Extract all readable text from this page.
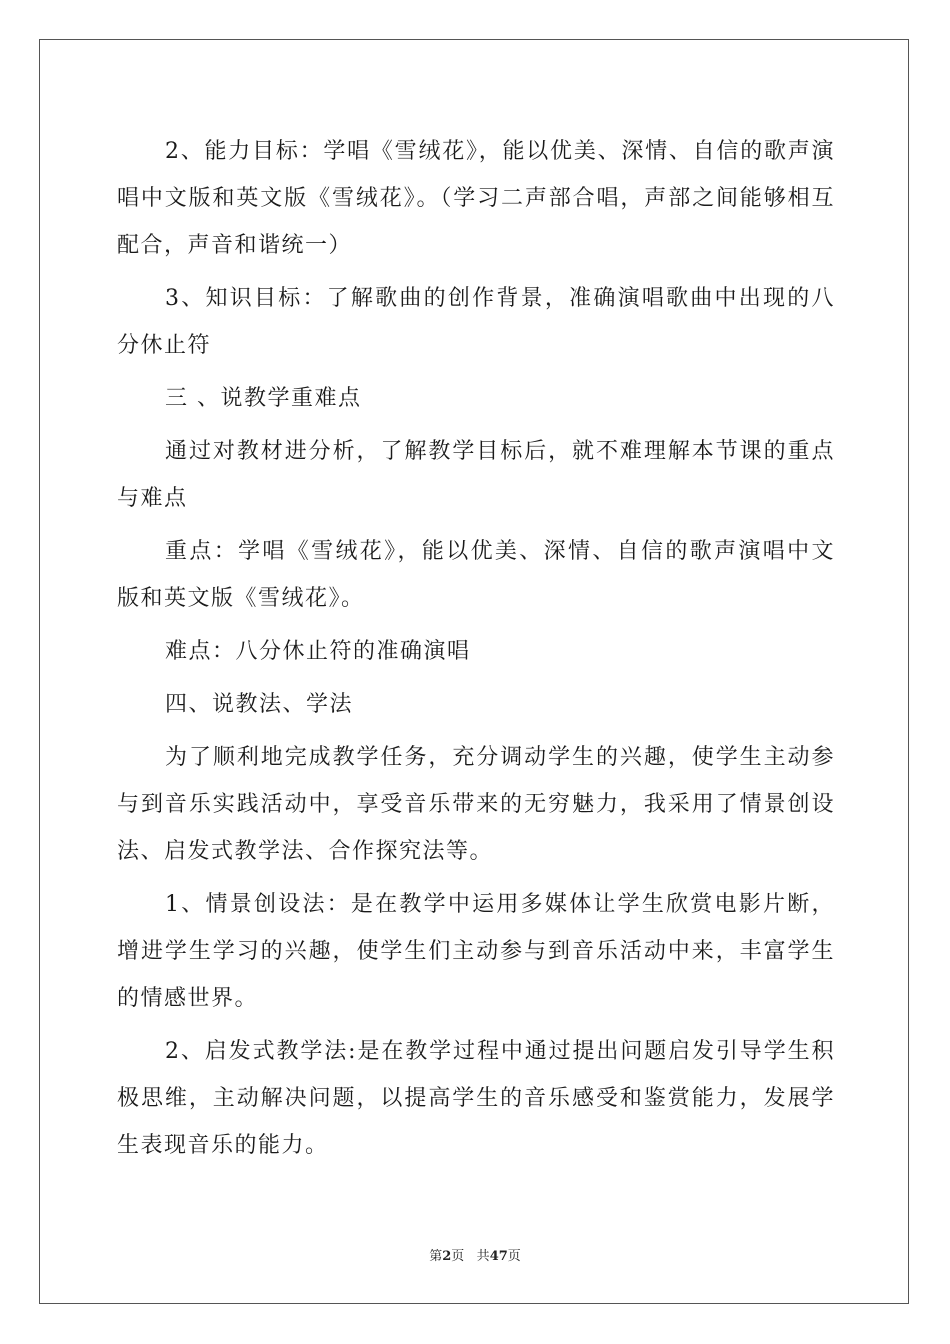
2、能力目标：学唱《雪绒花》，能以优美、深情、自信的歌声演唱中文版和英文版《雪绒花》。（学习二声部合唱，声部之间能够相互配合，声音和谐统一）

3、知识目标：了解歌曲的创作背景，准确演唱歌曲中出现的八分休止符

三 、说教学重难点

通过对教材进分析，了解教学目标后，就不难理解本节课的重点与难点

重点：学唱《雪绒花》，能以优美、深情、自信的歌声演唱中文版和英文版《雪绒花》。

难点：八分休止符的准确演唱

四、说教法、学法

为了顺利地完成教学任务，充分调动学生的兴趣，使学生主动参与到音乐实践活动中，享受音乐带来的无穷魅力，我采用了情景创设法、启发式教学法、合作探究法等。

1、情景创设法：是在教学中运用多媒体让学生欣赏电影片断，增进学生学习的兴趣，使学生们主动参与到音乐活动中来，丰富学生的情感世界。

2、启发式教学法:是在教学过程中通过提出问题启发引导学生积极思维，主动解决问题，以提高学生的音乐感受和鉴赏能力，发展学生表现音乐的能力。

第2页 共47页
